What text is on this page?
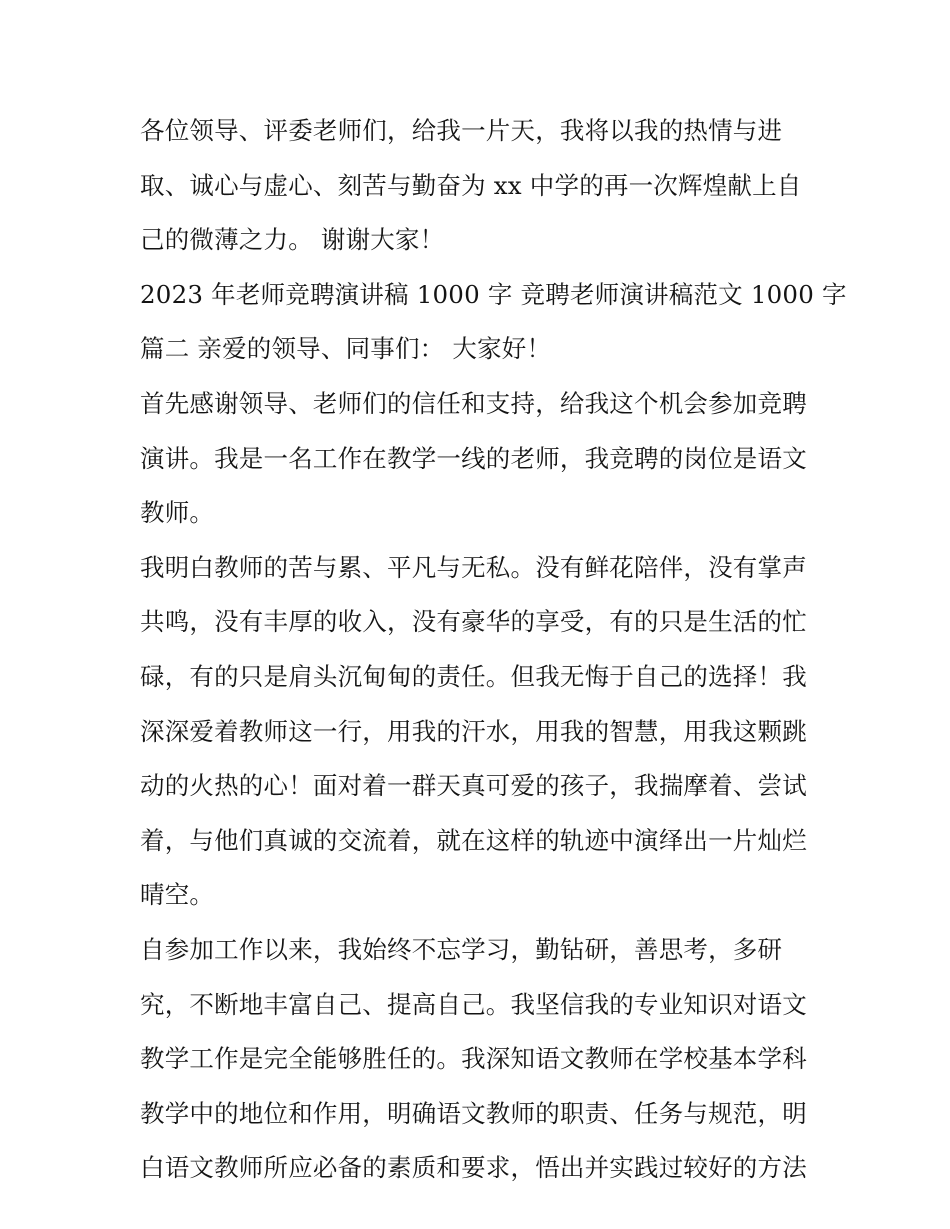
各位领导、评委老师们，给我一片天，我将以我的热情与进
取、诚心与虚心、刻苦与勤奋为 xx 中学的再一次辉煌献上自
己的微薄之力。 谢谢大家！
2023 年老师竞聘演讲稿 1000 字 竞聘老师演讲稿范文 1000 字
篇二 亲爱的领导、同事们： 大家好！
首先感谢领导、老师们的信任和支持，给我这个机会参加竞聘
演讲。我是一名工作在教学一线的老师，我竞聘的岗位是语文
教师。
我明白教师的苦与累、平凡与无私。没有鲜花陪伴，没有掌声
共鸣，没有丰厚的收入，没有豪华的享受，有的只是生活的忙
碌，有的只是肩头沉甸甸的责任。但我无悔于自己的选择！我
深深爱着教师这一行，用我的汗水，用我的智慧，用我这颗跳
动的火热的心！面对着一群天真可爱的孩子，我揣摩着、尝试
着，与他们真诚的交流着，就在这样的轨迹中演绎出一片灿烂
晴空。
自参加工作以来，我始终不忘学习，勤钻研，善思考，多研
究，不断地丰富自己、提高自己。我坚信我的专业知识对语文
教学工作是完全能够胜任的。我深知语文教师在学校基本学科
教学中的地位和作用，明确语文教师的职责、任务与规范，明
白语文教师所应必备的素质和要求，悟出并实践过较好的方法
